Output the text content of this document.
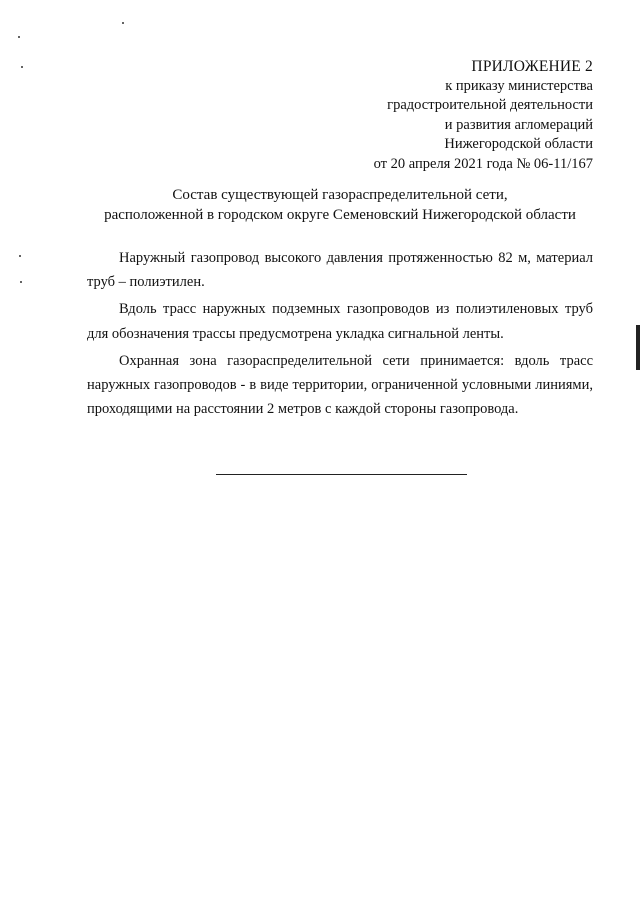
ПРИЛОЖЕНИЕ 2
к приказу министерства
градостроительной деятельности
и развития агломераций
Нижегородской области
от 20 апреля 2021 года № 06-11/167
Состав существующей газораспределительной сети,
расположенной в городском округе Семеновский Нижегородской области

Наружный газопровод высокого давления протяженностью 82 м, материал труб – полиэтилен.

Вдоль трасс наружных подземных газопроводов из полиэтиленовых труб для обозначения трассы предусмотрена укладка сигнальной ленты.

Охранная зона газораспределительной сети принимается: вдоль трасс наружных газопроводов - в виде территории, ограниченной условными линиями, проходящими на расстоянии 2 метров с каждой стороны газопровода.
